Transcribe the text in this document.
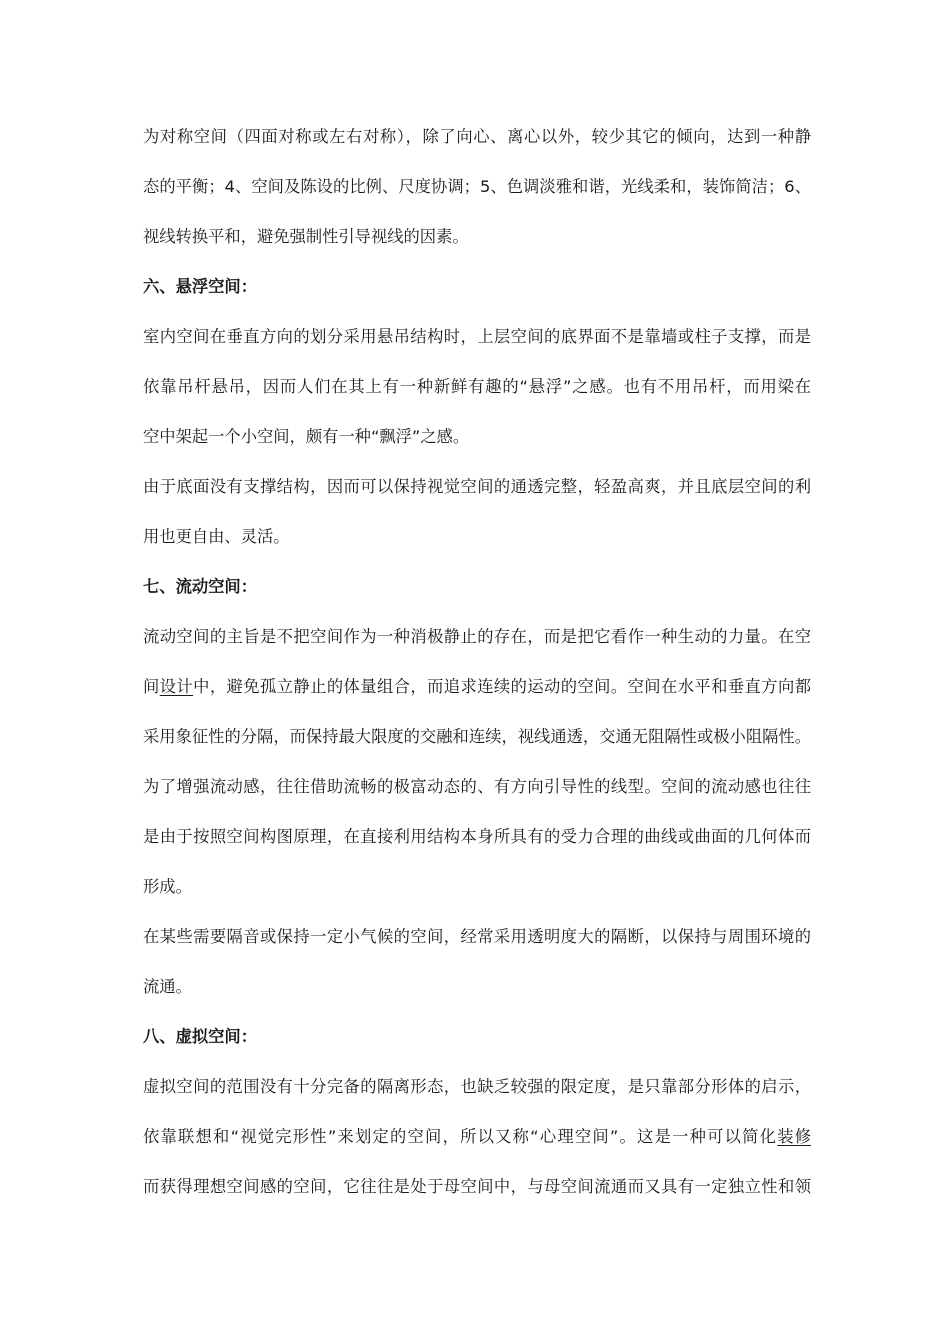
为对称空间（四面对称或左右对称），除了向心、离心以外，较少其它的倾向，达到一种静
态的平衡；4、空间及陈设的比例、尺度协调；5、色调淡雅和谐，光线柔和，装饰简洁；6、
视线转换平和，避免强制性引导视线的因素。
六、悬浮空间：
室内空间在垂直方向的划分采用悬吊结构时，上层空间的底界面不是靠墙或柱子支撑，而是
依靠吊杆悬吊，因而人们在其上有一种新鲜有趣的“悬浮”之感。也有不用吊杆，而用梁在
空中架起一个小空间，颇有一种“飘浮”之感。
由于底面没有支撑结构，因而可以保持视觉空间的通透完整，轻盈高爽，并且底层空间的利
用也更自由、灵活。
七、流动空间：
流动空间的主旨是不把空间作为一种消极静止的存在，而是把它看作一种生动的力量。在空
间设计中，避免孤立静止的体量组合，而追求连续的运动的空间。空间在水平和垂直方向都
采用象征性的分隔，而保持最大限度的交融和连续，视线通透，交通无阻隔性或极小阻隔性。
为了增强流动感，往往借助流畅的极富动态的、有方向引导性的线型。空间的流动感也往往
是由于按照空间构图原理，在直接利用结构本身所具有的受力合理的曲线或曲面的几何体而
形成。
在某些需要隔音或保持一定小气候的空间，经常采用透明度大的隔断，以保持与周围环境的
流通。
八、虚拟空间：
虚拟空间的范围没有十分完备的隔离形态，也缺乏较强的限定度，是只靠部分形体的启示，
依靠联想和“视觉完形性”来划定的空间，所以又称“心理空间”。这是一种可以简化装修
而获得理想空间感的空间，它往往是处于母空间中，与母空间流通而又具有一定独立性和领
